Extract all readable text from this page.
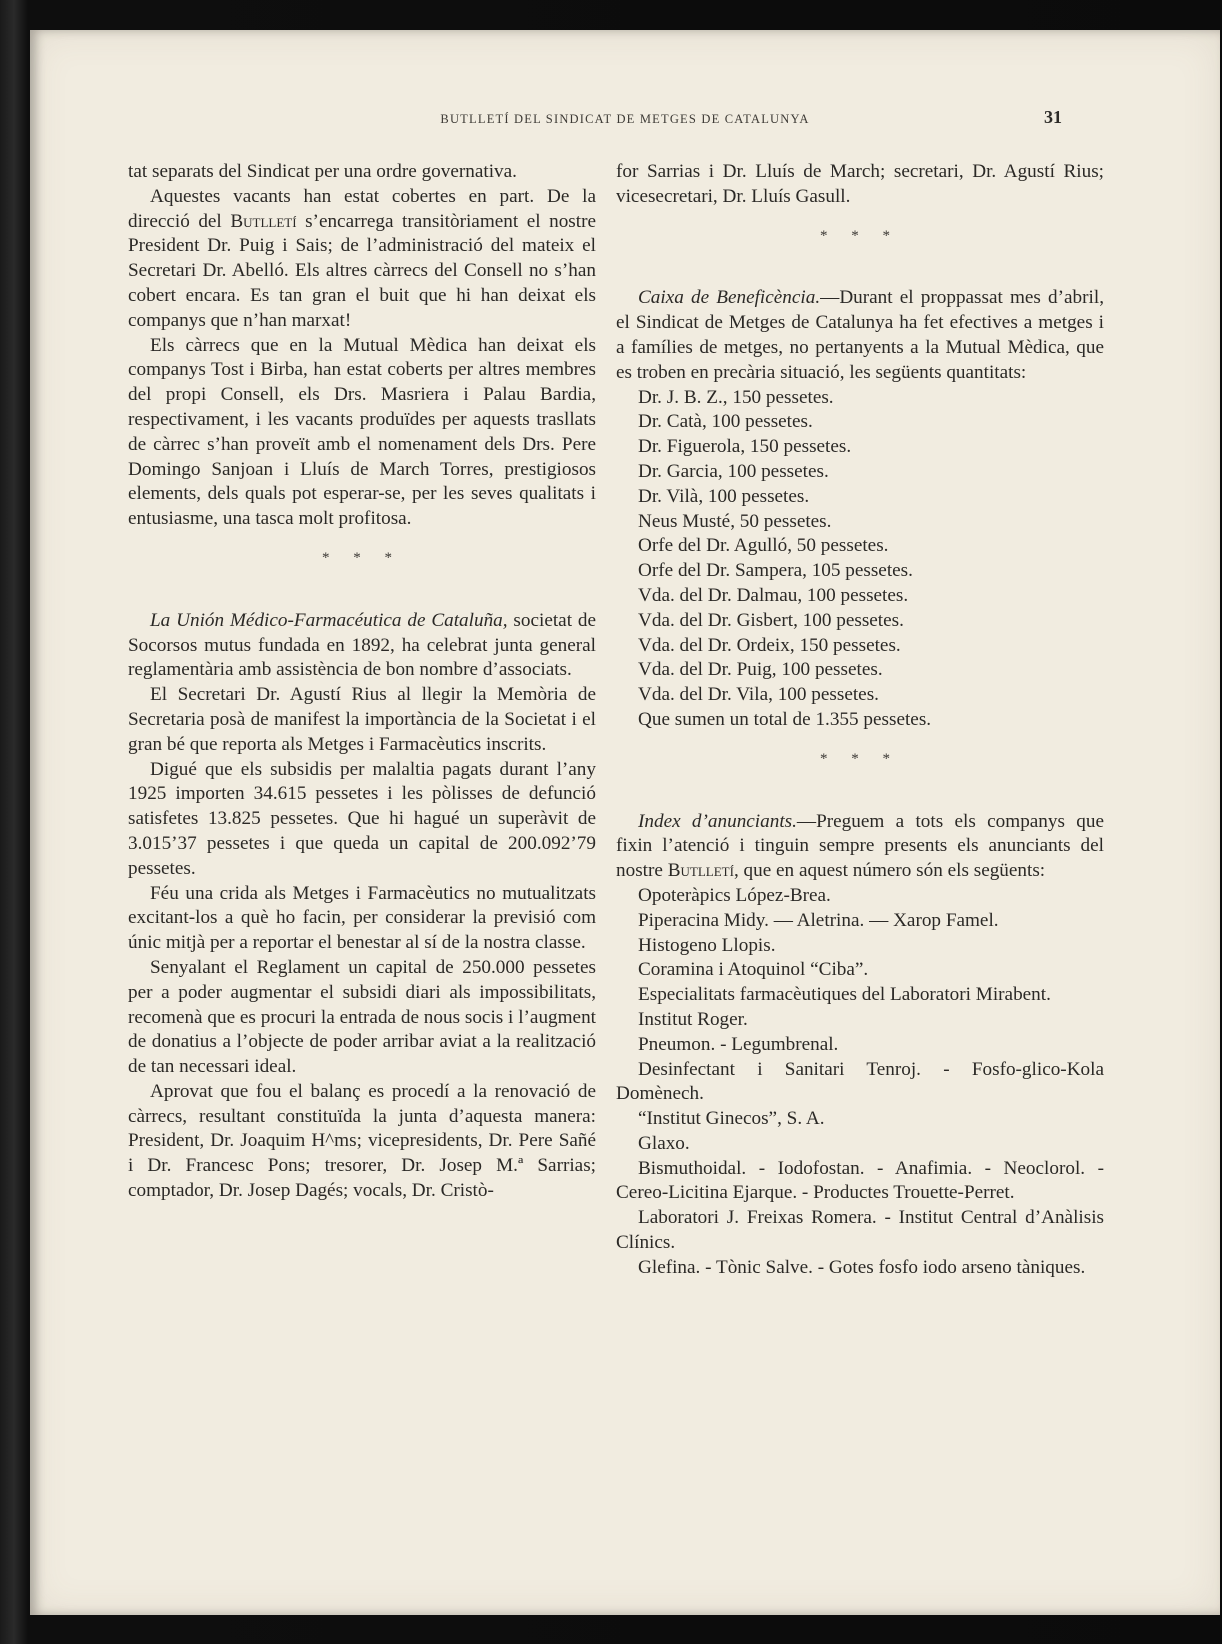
BUTLLETÍ DEL SINDICAT DE METGES DE CATALUNYA	31

tat separats del Sindicat per una ordre governativa.

Aquestes vacants han estat cobertes en part. De la direcció del Butlletí s’encarrega transitòriament el nostre President Dr. Puig i Sais; de l’administració del mateix el Secretari Dr. Abelló. Els altres càrrecs del Consell no s’han cobert encara. Es tan gran el buit que hi han deixat els companys que n’han marxat!

Els càrrecs que en la Mutual Mèdica han deixat els companys Tost i Birba, han estat coberts per altres membres del propi Consell, els Drs. Masriera i Palau Bardia, respectivament, i les vacants produïdes per aquests trasllats de càrrec s’han proveït amb el nomenament dels Drs. Pere Domingo Sanjoan i Lluís de March Torres, prestigiosos elements, dels quals pot esperar-se, per les seves qualitats i entusiasme, una tasca molt profitosa.

* * *

La Unión Médico-Farmacéutica de Cataluña, societat de Socorsos mutus fundada en 1892, ha celebrat junta general reglamentària amb assistència de bon nombre d’associats.

El Secretari Dr. Agustí Rius al llegir la Memòria de Secretaria posà de manifest la importància de la Societat i el gran bé que reporta als Metges i Farmacèutics inscrits.

Digué que els subsidis per malaltia pagats durant l’any 1925 importen 34.615 pessetes i les pòlisses de defunció satisfetes 13.825 pessetes. Que hi hagué un superàvit de 3.015’37 pessetes i que queda un capital de 200.092’79 pessetes.

Féu una crida als Metges i Farmacèutics no mutualitzats excitant-los a què ho facin, per considerar la previsió com únic mitjà per a reportar el benestar al sí de la nostra classe.

Senyalant el Reglament un capital de 250.000 pessetes per a poder augmentar el subsidi diari als impossibilitats, recomenà que es procuri la entrada de nous socis i l’augment de donatius a l’objecte de poder arribar aviat a la realització de tan necessari ideal.

Aprovat que fou el balanç es procedí a la renovació de càrrecs, resultant constituïda la junta d’aquesta manera: President, Dr. Joaquim H^ms; vicepresidents, Dr. Pere Sañé i Dr. Francesc Pons; tresorer, Dr. Josep M.ª Sarrias; comptador, Dr. Josep Dagés; vocals, Dr. Cristò-

for Sarrias i Dr. Lluís de March; secretari, Dr. Agustí Rius; vicesecretari, Dr. Lluís Gasull.

* * *

Caixa de Beneficència.—Durant el proppassat mes d’abril, el Sindicat de Metges de Catalunya ha fet efectives a metges i a famílies de metges, no pertanyents a la Mutual Mèdica, que es troben en precària situació, les següents quantitats:

Dr. J. B. Z., 150 pessetes.

Dr. Catà, 100 pessetes.

Dr. Figuerola, 150 pessetes.

Dr. Garcia, 100 pessetes.

Dr. Vilà, 100 pessetes.

Neus Musté, 50 pessetes.

Orfe del Dr. Agulló, 50 pessetes.

Orfe del Dr. Sampera, 105 pessetes.

Vda. del Dr. Dalmau, 100 pessetes.

Vda. del Dr. Gisbert, 100 pessetes.

Vda. del Dr. Ordeix, 150 pessetes.

Vda. del Dr. Puig, 100 pessetes.

Vda. del Dr. Vila, 100 pessetes.

Que sumen un total de 1.355 pessetes.

* * *

Index d’anunciants.—Preguem a tots els companys que fixin l’atenció i tinguin sempre presents els anunciants del nostre Butlletí, que en aquest número són els següents:

Opoteràpics López-Brea.

Piperacina Midy. — Aletrina. — Xarop Famel.

Histogeno Llopis.

Coramina i Atoquinol “Ciba”.

Especialitats farmacèutiques del Laboratori Mirabent.

Institut Roger.

Pneumon. - Legumbrenal.

Desinfectant i Sanitari Tenroj. - Fosfo-glico-Kola Domènech.

“Institut Ginecos”, S. A.

Glaxo.

Bismuthoidal. - Iodofostan. - Anafimia. - Neoclorol. - Cereo-Licitina Ejarque. - Productes Trouette-Perret.

Laboratori J. Freixas Romera. - Institut Central d’Anàlisis Clínics.

Glefina. - Tònic Salve. - Gotes fosfo iodo arseno tàniques.
